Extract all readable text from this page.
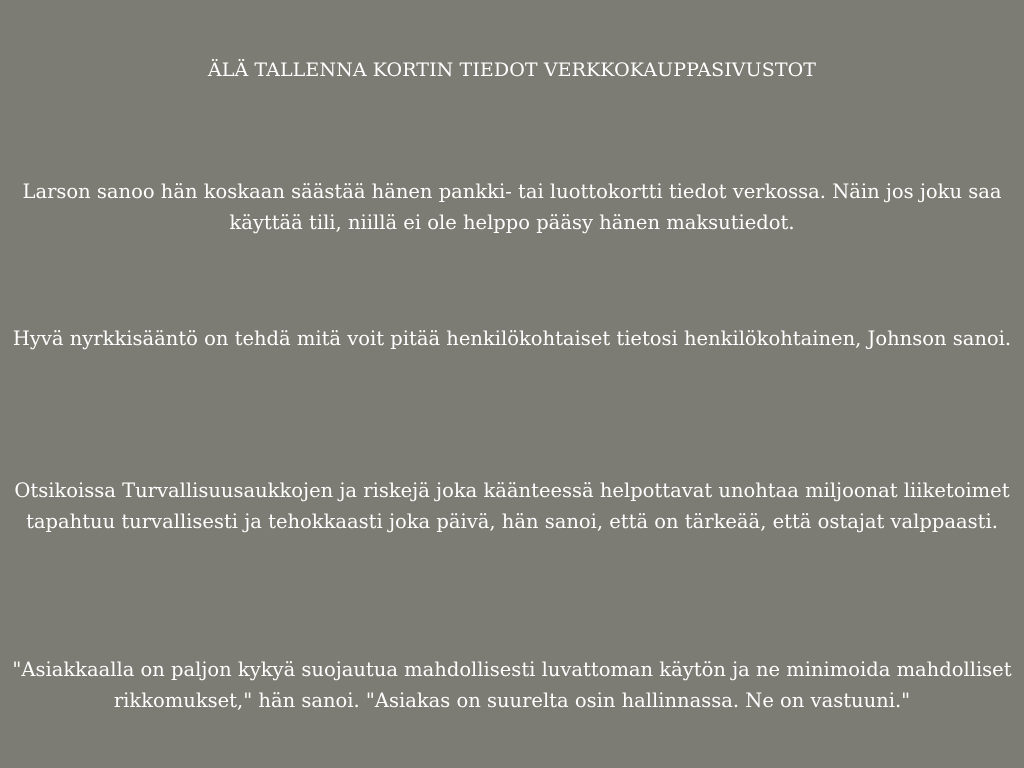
ÄLÄ TALLENNA KORTIN TIEDOT VERKKOKAUPPASIVUSTOT

Larson sanoo hän koskaan säästää hänen pankki- tai luottokortti tiedot verkossa. Näin jos joku saa käyttää tili, niillä ei ole helppo pääsy hänen maksutiedot.

Hyvä nyrkkisääntö on tehdä mitä voit pitää henkilökohtaiset tietosi henkilökohtainen, Johnson sanoi.

Otsikoissa Turvallisuusaukkojen ja riskejä joka käänteessä helpottavat unohtaa miljoonat liiketoimet tapahtuu turvallisesti ja tehokkaasti joka päivä, hän sanoi, että on tärkeää, että ostajat valppaasti.

"Asiakkaalla on paljon kykyä suojautua mahdollisesti luvattoman käytön ja ne minimoida mahdolliset rikkomukset," hän sanoi. "Asiakas on suurelta osin hallinnassa. Ne on vastuuni."
